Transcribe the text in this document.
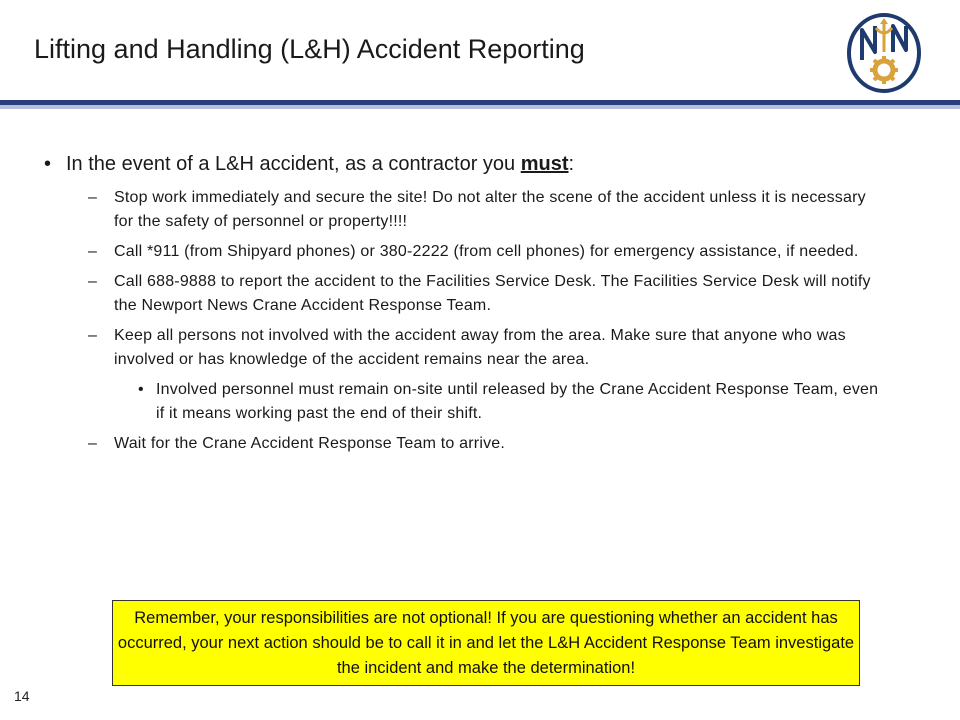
Lifting and Handling (L&H) Accident Reporting
• In the event of a L&H accident, as a contractor you must:
–	Stop work immediately and secure the site! Do not alter the scene of the accident unless it is necessary for the safety of personnel or property!!!!
–	Call *911 (from Shipyard phones) or 380-2222 (from cell phones) for emergency assistance, if needed.
–	Call 688-9888 to report the accident to the Facilities Service Desk. The Facilities Service Desk will notify the Newport News Crane Accident Response Team.
–	Keep all persons not involved with the accident away from the area. Make sure that anyone who was involved or has knowledge of the accident remains near the area.
• Involved personnel must remain on-site until released by the Crane Accident Response Team, even if it means working past the end of their shift.
–	Wait for the Crane Accident Response Team to arrive.
Remember, your responsibilities are not optional! If you are questioning whether an accident has occurred, your next action should be to call it in and let the L&H Accident Response Team investigate the incident and make the determination!
14
